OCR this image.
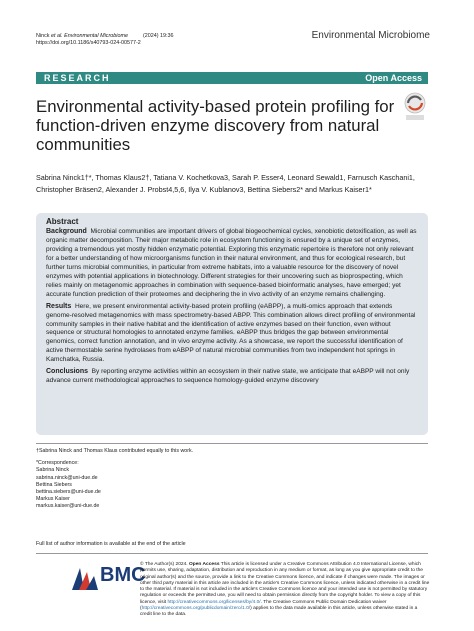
Ninck et al. Environmental Microbiome	(2024) 19:36
https://doi.org/10.1186/s40793-024-00577-2
Environmental Microbiome
RESEARCH	Open Access
Environmental activity-based protein profiling for function-driven enzyme discovery from natural communities
Sabrina Ninck1†*, Thomas Klaus2†, Tatiana V. Kochetkova3, Sarah P. Esser4, Leonard Sewald1, Farnusch Kaschani1, Christopher Bräsen2, Alexander J. Probst4,5,6, Ilya V. Kublanov3, Bettina Siebers2* and Markus Kaiser1*
Abstract

Background Microbial communities are important drivers of global biogeochemical cycles, xenobiotic detoxification, as well as organic matter decomposition. Their major metabolic role in ecosystem functioning is ensured by a unique set of enzymes, providing a tremendous yet mostly hidden enzymatic potential. Exploring this enzymatic repertoire is therefore not only relevant for a better understanding of how microorganisms function in their natural environment, and thus for ecological research, but further turns microbial communities, in particular from extreme habitats, into a valuable resource for the discovery of novel enzymes with potential applications in biotechnology. Different strategies for their uncovering such as bioprospecting, which relies mainly on metagenomic approaches in combination with sequence-based bioinformatic analyses, have emerged; yet accurate function prediction of their proteomes and deciphering the in vivo activity of an enzyme remains challenging.

Results Here, we present environmental activity-based protein profiling (eABPP), a multi-omics approach that extends genome-resolved metagenomics with mass spectrometry-based ABPP. This combination allows direct profiling of environmental community samples in their native habitat and the identification of active enzymes based on their function, even without sequence or structural homologies to annotated enzyme families. eABPP thus bridges the gap between environmental genomics, correct function annotation, and in vivo enzyme activity. As a showcase, we report the successful identification of active thermostable serine hydrolases from eABPP of natural microbial communities from two independent hot springs in Kamchatka, Russia.

Conclusions By reporting enzyme activities within an ecosystem in their native state, we anticipate that eABPP will not only advance current methodological approaches to sequence homology-guided enzyme discovery

†Sabrina Ninck and Thomas Klaus contributed equally to this work.
*Correspondence:
Sabrina Ninck
sabrina.ninck@uni-due.de
Bettina Siebers
bettina.siebers@uni-due.de
Markus Kaiser
markus.kaiser@uni-due.de
Full list of author information is available at the end of the article
BMC
© The Author(s) 2024. Open Access This article is licensed under a Creative Commons Attribution 4.0 International License, which permits use, sharing, adaptation, distribution and reproduction in any medium or format, as long as you give appropriate credit to the original author(s) and the source, provide a link to the Creative Commons licence, and indicate if changes were made. The images or other third party material in this article are included in the article's Creative Commons licence, unless indicated otherwise in a credit line to the material. If material is not included in the article's Creative Commons licence and your intended use is not permitted by statutory regulation or exceeds the permitted use, you will need to obtain permission directly from the copyright holder. To view a copy of this licence, visit http://creativecommons.org/licenses/by/4.0/. The Creative Commons Public Domain Dedication waiver (http://creativecommons.org/publicdomain/zero/1.0/) applies to the data made available in this article, unless otherwise stated in a credit line to the data.
